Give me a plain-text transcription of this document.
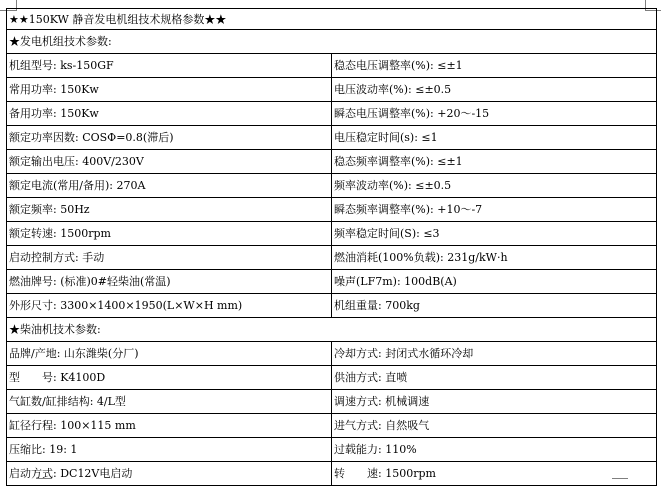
★★150KW 静音发电机组技术规格参数★★	
★发电机组技术参数:	
机组型号: ks-150GF	稳态电压调整率(%): ≤±1
常用功率: 150Kw	电压波动率(%): ≤±0.5
备用功率: 150Kw	瞬态电压调整率(%): +20～-15
额定功率因数: COSΦ=0.8(滞后)	电压稳定时间(s): ≤1
额定输出电压: 400V/230V	稳态频率调整率(%): ≤±1
额定电流(常用/备用): 270A	频率波动率(%): ≤±0.5
额定频率: 50Hz	瞬态频率调整率(%): +10～-7
额定转速: 1500rpm	频率稳定时间(S): ≤3
启动控制方式: 手动	燃油消耗(100%负载): 231g/kW·h
燃油牌号: (标准)0#轻柴油(常温)	噪声(LF7m): 100dB(A)
外形尺寸: 3300×1400×1950(L×W×H mm)	机组重量: 700kg
★柴油机技术参数:	
品牌/产地: 山东潍柴(分厂)	冷却方式: 封闭式水循环冷却
型　　号: K4100D	供油方式: 直喷
气缸数/缸排结构: 4/L型	调速方式: 机械调速
缸径行程: 100×115 mm	进气方式: 自然吸气
压缩比: 19: 1	过载能力: 110%
启动方式: DC12V电启动	转　　速: 1500rpm
